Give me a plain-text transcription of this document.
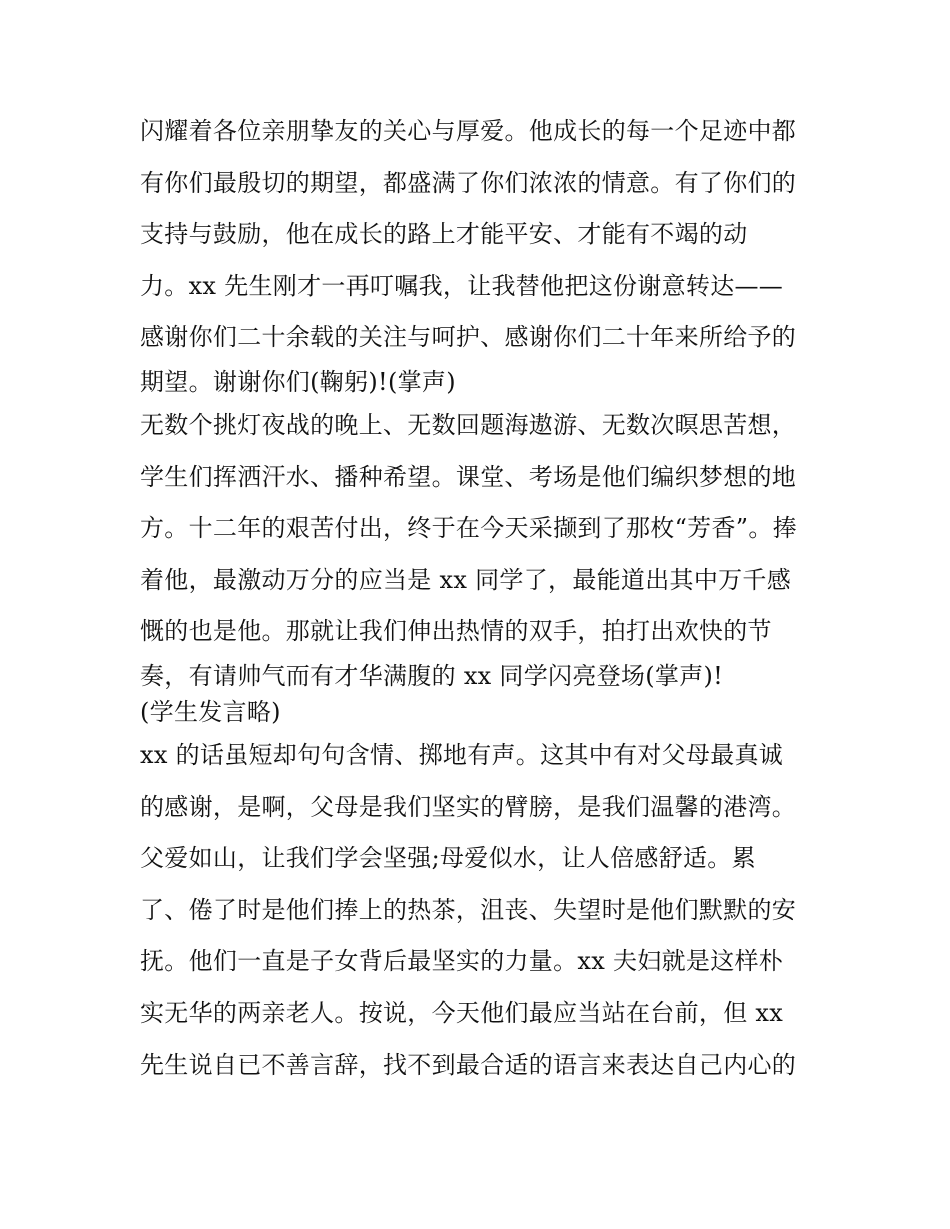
闪耀着各位亲朋挚友的关心与厚爱。他成长的每一个足迹中都
有你们最殷切的期望，都盛满了你们浓浓的情意。有了你们的
支持与鼓励，他在成长的路上才能平安、才能有不竭的动
力。xx 先生刚才一再叮嘱我，让我替他把这份谢意转达——
感谢你们二十余载的关注与呵护、感谢你们二十年来所给予的
期望。谢谢你们(鞠躬)!(掌声)
无数个挑灯夜战的晚上、无数回题海遨游、无数次暝思苦想，
学生们挥洒汗水、播种希望。课堂、考场是他们编织梦想的地
方。十二年的艰苦付出，终于在今天采撷到了那枚“芳香”。捧
着他，最激动万分的应当是 xx 同学了，最能道出其中万千感
慨的也是他。那就让我们伸出热情的双手，拍打出欢快的节
奏，有请帅气而有才华满腹的 xx 同学闪亮登场(掌声)!
(学生发言略)
xx 的话虽短却句句含情、掷地有声。这其中有对父母最真诚
的感谢，是啊，父母是我们坚实的臂膀，是我们温馨的港湾。
父爱如山，让我们学会坚强;母爱似水，让人倍感舒适。累
了、倦了时是他们捧上的热茶，沮丧、失望时是他们默默的安
抚。他们一直是子女背后最坚实的力量。xx 夫妇就是这样朴
实无华的两亲老人。按说，今天他们最应当站在台前，但 xx
先生说自已不善言辞，找不到最合适的语言来表达自己内心的
